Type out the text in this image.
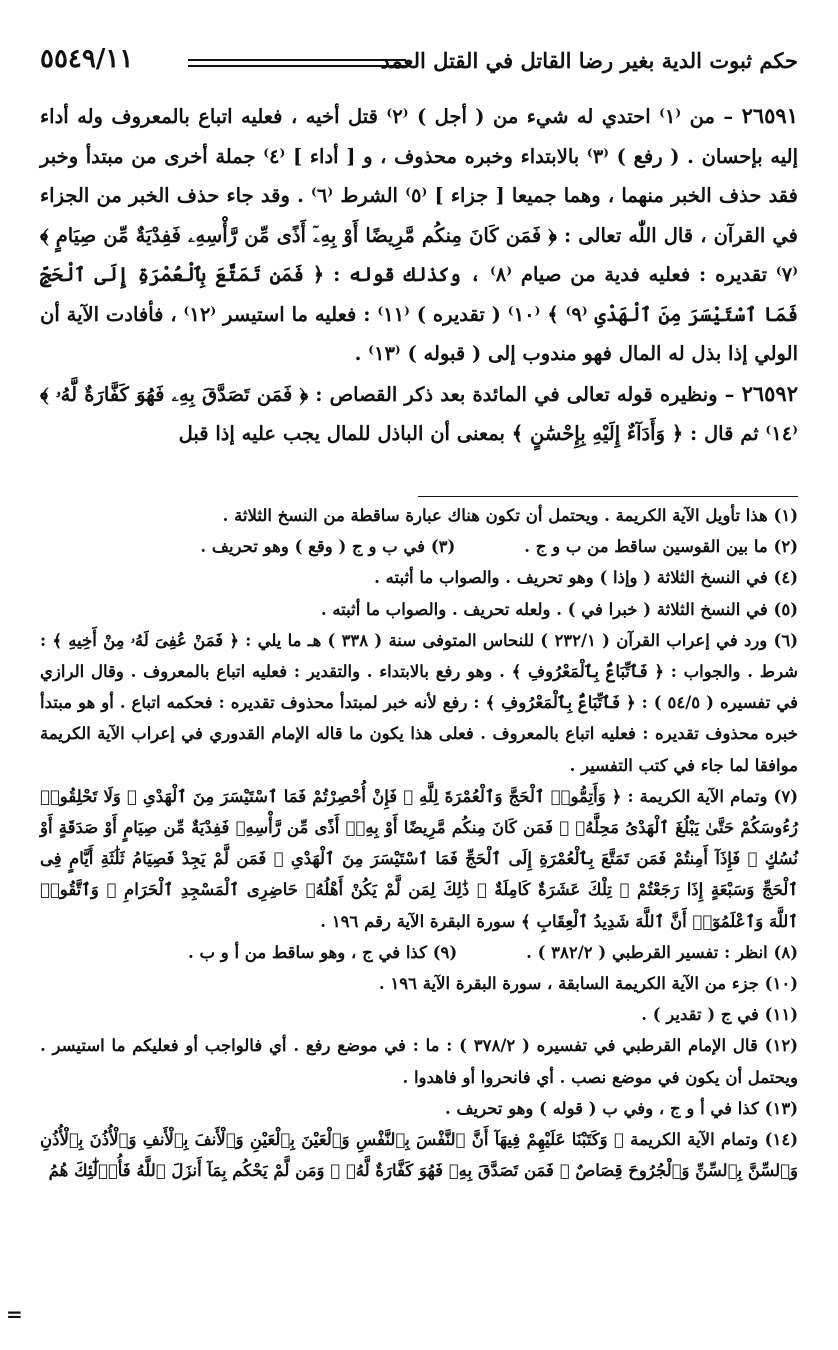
حكم ثبوت الدية بغير رضا القاتل في القتل العمد
٥٥٤٩/١١

٢٦٥٩١ – من ⁽١⁾ احتدي له شيء من ( أجل ) ⁽٢⁾ قتل أخيه ، فعليه اتباع بالمعروف وله أداء إليه بإحسان . ( رفع ) ⁽٣⁾ بالابتداء وخبره محذوف ، و [ أداء ] ⁽٤⁾ جملة أخرى من مبتدأ وخبر فقد حذف الخبر منهما ، وهما جميعا [ جزاء ] ⁽٥⁾ الشرط ⁽٦⁾ . وقد جاء حذف الخبر من الجزاء في القرآن ، قال اللّٰه تعالى : ﴿ فَمَن كَانَ مِنكُم مَّرِيضًا أَوْ بِهِۦٓ أَذًى مِّن رَّأْسِهِۦ فَفِدْيَةٌ مِّن صِيَامٍ ﴾ ⁽٧⁾ تقديره : فعليه فدية من صيام ⁽٨⁾ ، وكذلك قوله : ﴿ فَمَن تَمَتَّعَ بِٱلْعُمْرَةِ إِلَى ٱلْحَجِّ فَمَا ٱسْتَيْسَرَ مِنَ ٱلْهَدْىِ ⁽٩⁾ ﴾ ⁽١٠⁾ ( تقديره ) ⁽١١⁾ : فعليه ما استيسر ⁽١٢⁾ ، فأفادت الآية أن الولي إذا بذل له المال فهو مندوب إلى ( قبوله ) ⁽١٣⁾ .

٢٦٥٩٢ – ونظيره قوله تعالى في المائدة بعد ذكر القصاص : ﴿ فَمَن تَصَدَّقَ بِهِۦ فَهُوَ كَفَّارَةٌ لَّهُۥ ﴾ ⁽١٤⁾ ثم قال : ﴿ وَأَدَآءٌ إِلَيْهِ بِإِحْسَٰنٍ ﴾ بمعنى أن الباذل للمال يجب عليه إذا قبل

(١) هذا تأويل الآية الكريمة . ويحتمل أن تكون هناك عبارة ساقطة من النسخ الثلاثة .

(٢) ما بين القوسين ساقط من ب و ج .            (٣) في ب و ج ( وقع ) وهو تحريف .

(٤) في النسخ الثلاثة ( وإذا ) وهو تحريف . والصواب ما أثبته .

(٥) في النسخ الثلاثة ( خبرا في ) . ولعله تحريف . والصواب ما أثبته .

(٦) ورد في إعراب القرآن ( ٢٣٢/١ ) للنحاس المتوفى سنة ( ٣٣٨ ) هـ ما يلي : ﴿ فَمَنْ عُفِىَ لَهُۥ مِنْ أَخِيهِ ﴾ : شرط . والجواب : ﴿ فَٱتِّبَاعٌۢ بِٱلْمَعْرُوفِ ﴾ . وهو رفع بالابتداء . والتقدير : فعليه اتباع بالمعروف . وقال الرازي في تفسيره ( ٥٤/٥ ) : ﴿ فَٱتِّبَاعٌۢ بِٱلْمَعْرُوفِ ﴾ : رفع لأنه خبر لمبتدأ محذوف تقديره : فحكمه اتباع . أو هو مبتدأ خبره محذوف تقديره : فعليه اتباع بالمعروف . فعلى هذا يكون ما قاله الإمام القدوري في إعراب الآية الكريمة موافقا لما جاء في كتب التفسير .

(٧) وتمام الآية الكريمة : ﴿ وَأَتِمُّوا۟ ٱلْحَجَّ وَٱلْعُمْرَةَ لِلَّهِ ۚ فَإِنْ أُحْصِرْتُمْ فَمَا ٱسْتَيْسَرَ مِنَ ٱلْهَدْىِ ۖ وَلَا تَحْلِقُوا۟ رُءُوسَكُمْ حَتَّىٰ يَبْلُغَ ٱلْهَدْىُ مَحِلَّهُۥ ۚ فَمَن كَانَ مِنكُم مَّرِيضًا أَوْ بِهِۦٓ أَذًى مِّن رَّأْسِهِۦ فَفِدْيَةٌ مِّن صِيَامٍ أَوْ صَدَقَةٍ أَوْ نُسُكٍ ۚ فَإِذَآ أَمِنتُمْ فَمَن تَمَتَّعَ بِٱلْعُمْرَةِ إِلَى ٱلْحَجِّ فَمَا ٱسْتَيْسَرَ مِنَ ٱلْهَدْىِ ۚ فَمَن لَّمْ يَجِدْ فَصِيَامُ ثَلَٰثَةِ أَيَّامٍ فِى ٱلْحَجِّ وَسَبْعَةٍ إِذَا رَجَعْتُمْ ۗ تِلْكَ عَشَرَةٌ كَامِلَةٌ ۗ ذَٰلِكَ لِمَن لَّمْ يَكُنْ أَهْلُهُۥ حَاضِرِى ٱلْمَسْجِدِ ٱلْحَرَامِ ۚ وَٱتَّقُوا۟ ٱللَّهَ وَٱعْلَمُوٓا۟ أَنَّ ٱللَّهَ شَدِيدُ ٱلْعِقَابِ ﴾ سورة البقرة الآية رقم ١٩٦ .

(٨) انظر : تفسير القرطبي ( ٣٨٢/٢ ) .            (٩) كذا في ج ، وهو ساقط من أ و ب .

(١٠) جزء من الآية الكريمة السابقة ، سورة البقرة الآية ١٩٦ .

(١١) في ج ( تقدير ) .

(١٢) قال الإمام القرطبي في تفسيره ( ٣٧٨/٢ ) : ما : في موضع رفع . أي فالواجب أو فعليكم ما استيسر . ويحتمل أن يكون في موضع نصب . أي فانحروا أو فاهدوا .

(١٣) كذا في أ و ج ، وفي ب ( قوله ) وهو تحريف .

(١٤) وتمام الآية الكريمة ﴿ وَكَتَبْنَا عَلَيْهِمْ فِيهَآ أَنَّ ٱلنَّفْسَ بِٱلنَّفْسِ وَٱلْعَيْنَ بِٱلْعَيْنِ وَٱلْأَنفَ بِٱلْأَنفِ وَٱلْأُذُنَ بِٱلْأُذُنِ وَٱلسِّنَّ بِٱلسِّنِّ وَٱلْجُرُوحَ قِصَاصٌ ۚ فَمَن تَصَدَّقَ بِهِۦ فَهُوَ كَفَّارَةٌ لَّهُۥ ۚ وَمَن لَّمْ يَحْكُم بِمَآ أَنزَلَ ٱللَّهُ فَأُو۟لَٰٓئِكَ هُمُ

=
